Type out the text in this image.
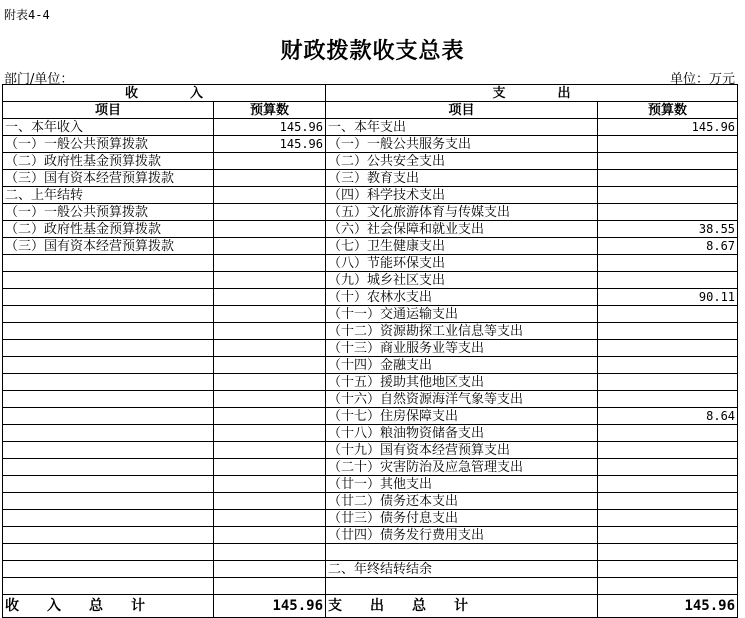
附表4-4
财政拨款收支总表
部门/单位：	单位：万元
收　　　　入		支　　　　出	
项目	预算数	项目	预算数
一、本年收入	145.96	一、本年支出	145.96
（一）一般公共预算拨款	145.96	（一）一般公共服务支出	
（二）政府性基金预算拨款		（二）公共安全支出	
（三）国有资本经营预算拨款		（三）教育支出	
二、上年结转		（四）科学技术支出	
（一）一般公共预算拨款		（五）文化旅游体育与传媒支出	
（二）政府性基金预算拨款		（六）社会保障和就业支出	38.55
（三）国有资本经营预算拨款		（七）卫生健康支出	8.67
		（八）节能环保支出	
		（九）城乡社区支出	
		（十）农林水支出	90.11
		（十一）交通运输支出	
		（十二）资源勘探工业信息等支出	
		（十三）商业服务业等支出	
		（十四）金融支出	
		（十五）援助其他地区支出	
		（十六）自然资源海洋气象等支出	
		（十七）住房保障支出	8.64
		（十八）粮油物资储备支出	
		（十九）国有资本经营预算支出	
		（二十）灾害防治及应急管理支出	
		（廿一）其他支出	
		（廿二）债务还本支出	
		（廿三）债务付息支出	
		（廿四）债务发行费用支出	

		二、年终结转结余	

收　　入　　总　　计	145.96	支　　出　　总　　计	145.96
